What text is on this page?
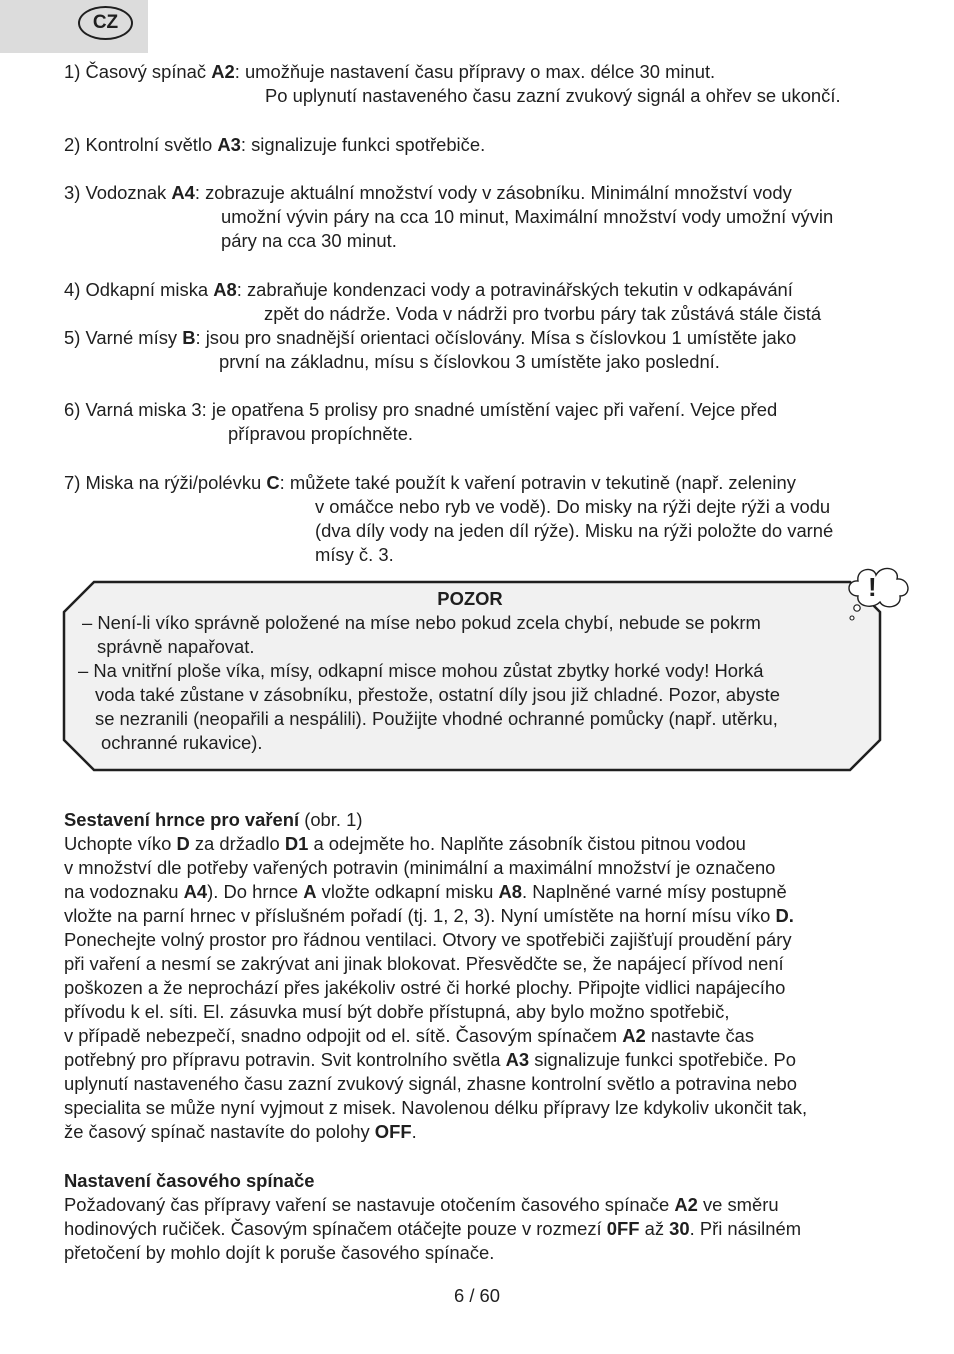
CZ
1) Časový spínač A2: umožňuje nastavení času přípravy o max. délce 30 minut.
Po uplynutí nastaveného času zazní zvukový signál a ohřev se ukončí.
2) Kontrolní světlo A3: signalizuje funkci spotřebiče.
3) Vodoznak A4: zobrazuje aktuální množství vody v zásobníku. Minimální množství vody
umožní vývin páry na cca 10 minut, Maximální množství vody umožní vývin
páry na cca 30 minut.
4) Odkapní miska A8: zabraňuje kondenzaci vody a potravinářských tekutin v odkapávání
zpět do nádrže. Voda v nádrži pro tvorbu páry tak zůstává stále čistá
5) Varné mísy B: jsou pro snadnější orientaci očíslovány. Mísa s číslovkou 1 umístěte jako
první na základnu, mísu s číslovkou 3 umístěte jako poslední.
6) Varná miska 3: je opatřena 5 prolisy pro snadné umístění vajec při vaření. Vejce před
přípravou propíchněte.
7) Miska na rýži/polévku C: můžete také použít k vaření potravin v tekutině (např. zeleniny
v omáčce nebo ryb ve vodě). Do misky na rýži dejte rýži a vodu
(dva díly vody na jeden díl rýže). Misku na rýži položte do varné
mísy č. 3.
!
POZOR
– Není-li víko správně položené na míse nebo pokud zcela chybí, nebude se pokrm
správně napařovat.
– Na vnitřní ploše víka, mísy, odkapní misce mohou zůstat zbytky horké vody! Horká
voda také zůstane v zásobníku, přestože, ostatní díly jsou již chladné. Pozor, abyste
se nezranili (neopařili a nespálili). Použijte vhodné ochranné pomůcky (např. utěrku,
ochranné rukavice).
Sestavení hrnce pro vaření (obr. 1)
Uchopte víko D za držadlo D1 a odejměte ho. Naplňte zásobník čistou pitnou vodou
v množství dle potřeby vařených potravin (minimální a maximální množství je označeno
na vodoznaku A4). Do hrnce A vložte odkapní misku A8. Naplněné varné mísy postupně
vložte na parní hrnec v příslušném pořadí (tj. 1, 2, 3). Nyní umístěte na horní mísu víko D.
Ponechejte volný prostor pro řádnou ventilaci. Otvory ve spotřebiči zajišťují proudění páry
při vaření a nesmí se zakrývat ani jinak blokovat. Přesvědčte se, že napájecí přívod není
poškozen a že neprochází přes jakékoliv ostré či horké plochy. Připojte vidlici napájecího
přívodu k el. síti. El. zásuvka musí být dobře přístupná, aby bylo možno spotřebič,
v případě nebezpečí, snadno odpojit od el. sítě. Časovým spínačem A2 nastavte čas
potřebný pro přípravu potravin. Svit kontrolního světla A3 signalizuje funkci spotřebiče. Po
uplynutí nastaveného času zazní zvukový signál, zhasne kontrolní světlo a potravina nebo
specialita se může nyní vyjmout z misek. Navolenou délku přípravy lze kdykoliv ukončit tak,
že časový spínač nastavíte do polohy OFF.
Nastavení časového spínače
Požadovaný čas přípravy vaření se nastavuje otočením časového spínače A2 ve směru
hodinových ručiček. Časovým spínačem otáčejte pouze v rozmezí 0FF až 30. Při násilném
přetočení by mohlo dojít k poruše časového spínače.
6 / 60
